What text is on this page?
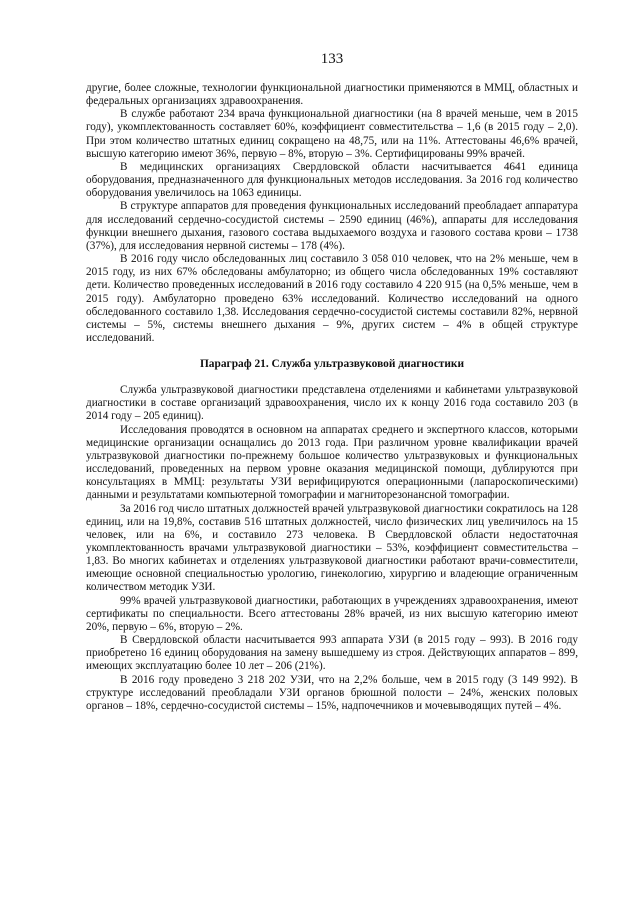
133

другие, более сложные, технологии функциональной диагностики применяются в ММЦ, областных и федеральных организациях здравоохранения.

В службе работают 234 врача функциональной диагностики (на 8 врачей меньше, чем в 2015 году), укомплектованность составляет 60%, коэффициент совместительства – 1,6 (в 2015 году – 2,0). При этом количество штатных единиц сокращено на 48,75, или на 11%. Аттестованы 46,6% врачей, высшую категорию имеют 36%, первую – 8%, вторую – 3%. Сертифицированы 99% врачей.

В медицинских организациях Свердловской области насчитывается 4641 единица оборудования, предназначенного для функциональных методов исследования. За 2016 год количество оборудования увеличилось на 1063 единицы.

В структуре аппаратов для проведения функциональных исследований преобладает аппаратура для исследований сердечно-сосудистой системы – 2590 единиц (46%), аппараты для исследования функции внешнего дыхания, газового состава выдыхаемого воздуха и газового состава крови – 1738 (37%), для исследования нервной системы – 178 (4%).

В 2016 году число обследованных лиц составило 3 058 010 человек, что на 2% меньше, чем в 2015 году, из них 67% обследованы амбулаторно; из общего числа обследованных 19% составляют дети. Количество проведенных исследований в 2016 году составило 4 220 915 (на 0,5% меньше, чем в 2015 году). Амбулаторно проведено 63% исследований. Количество исследований на одного обследованного составило 1,38. Исследования сердечно-сосудистой системы составили 82%, нервной системы – 5%, системы внешнего дыхания – 9%, других систем – 4% в общей структуре исследований.

Параграф 21. Служба ультразвуковой диагностики

Служба ультразвуковой диагностики представлена отделениями и кабинетами ультразвуковой диагностики в составе организаций здравоохранения, число их к концу 2016 года составило 203 (в 2014 году – 205 единиц).

Исследования проводятся в основном на аппаратах среднего и экспертного классов, которыми медицинские организации оснащались до 2013 года. При различном уровне квалификации врачей ультразвуковой диагностики по-прежнему большое количество ультразвуковых и функциональных исследований, проведенных на первом уровне оказания медицинской помощи, дублируются при консультациях в ММЦ: результаты УЗИ верифицируются операционными (лапароскопическими) данными и результатами компьютерной томографии и магниторезонансной томографии.

За 2016 год число штатных должностей врачей ультразвуковой диагностики сократилось на 128 единиц, или на 19,8%, составив 516 штатных должностей, число физических лиц увеличилось на 15 человек, или на 6%, и составило 273 человека. В Свердловской области недостаточная укомплектованность врачами ультразвуковой диагностики – 53%, коэффициент совместительства – 1,83. Во многих кабинетах и отделениях ультразвуковой диагностики работают врачи-совместители, имеющие основной специальностью урологию, гинекологию, хирургию и владеющие ограниченным количеством методик УЗИ.

99% врачей ультразвуковой диагностики, работающих в учреждениях здравоохранения, имеют сертификаты по специальности. Всего аттестованы 28% врачей, из них высшую категорию имеют 20%, первую – 6%, вторую – 2%.

В Свердловской области насчитывается 993 аппарата УЗИ (в 2015 году – 993). В 2016 году приобретено 16 единиц оборудования на замену вышедшему из строя. Действующих аппаратов – 899, имеющих эксплуатацию более 10 лет – 206 (21%).

В 2016 году проведено 3 218 202 УЗИ, что на 2,2% больше, чем в 2015 году (3 149 992). В структуре исследований преобладали УЗИ органов брюшной полости – 24%, женских половых органов – 18%, сердечно-сосудистой системы – 15%, надпочечников и мочевыводящих путей – 4%.
